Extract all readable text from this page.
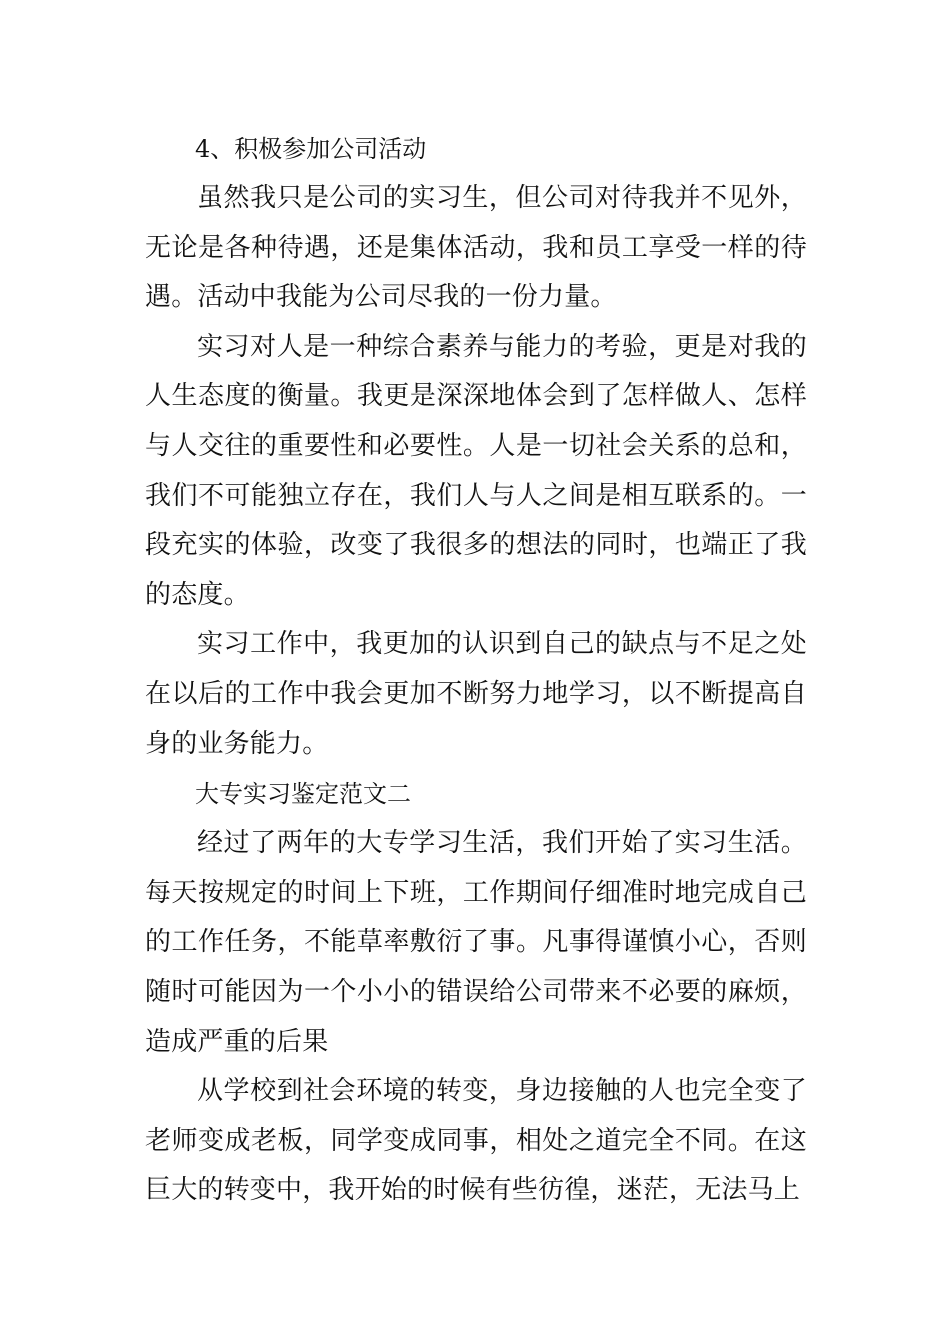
4、积极参加公司活动

虽然我只是公司的实习生，但公司对待我并不见外，无论是各种待遇，还是集体活动，我和员工享受一样的待遇。活动中我能为公司尽我的一份力量。

实习对人是一种综合素养与能力的考验，更是对我的人生态度的衡量。我更是深深地体会到了怎样做人、怎样与人交往的重要性和必要性。人是一切社会关系的总和，我们不可能独立存在，我们人与人之间是相互联系的。一段充实的体验，改变了我很多的想法的同时，也端正了我的态度。

实习工作中，我更加的认识到自己的缺点与不足之处在以后的工作中我会更加不断努力地学习，以不断提高自身的业务能力。

大专实习鉴定范文二

经过了两年的大专学习生活，我们开始了实习生活。每天按规定的时间上下班，工作期间仔细准时地完成自己的工作任务，不能草率敷衍了事。凡事得谨慎小心，否则随时可能因为一个小小的错误给公司带来不必要的麻烦，造成严重的后果

从学校到社会环境的转变，身边接触的人也完全变了老师变成老板，同学变成同事，相处之道完全不同。在这巨大的转变中，我开始的时候有些彷徨，迷茫，无法马上
